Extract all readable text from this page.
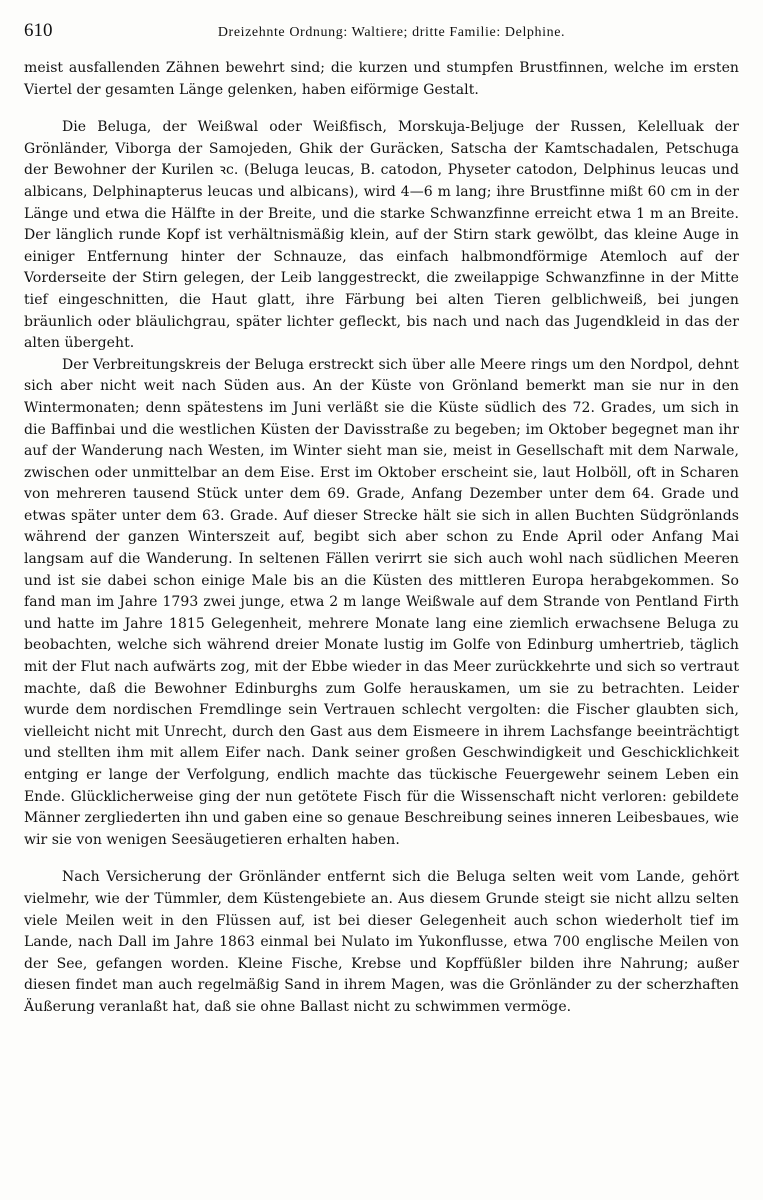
610	Dreizehnte Ordnung: Waltiere; dritte Familie: Delphine.

meist ausfallenden Zähnen bewehrt sind; die kurzen und stumpfen Brustfinnen, welche im ersten Viertel der gesamten Länge gelenken, haben eiförmige Gestalt.

Die Beluga, der Weißwal oder Weißfisch, Morskuja-Beljuge der Russen, Kelelluak der Grönländer, Viborga der Samojeden, Ghik der Guräcken, Satscha der Kamtschadalen, Petschuga der Bewohner der Kurilen ꝛc. (Beluga leucas, B. catodon, Physeter catodon, Delphinus leucas und albicans, Delphinapterus leucas und albicans), wird 4—6 m lang; ihre Brustfinne mißt 60 cm in der Länge und etwa die Hälfte in der Breite, und die starke Schwanzfinne erreicht etwa 1 m an Breite. Der länglich runde Kopf ist verhältnismäßig klein, auf der Stirn stark gewölbt, das kleine Auge in einiger Entfernung hinter der Schnauze, das einfach halbmondförmige Atemloch auf der Vorderseite der Stirn gelegen, der Leib langgestreckt, die zweilappige Schwanzfinne in der Mitte tief eingeschnitten, die Haut glatt, ihre Färbung bei alten Tieren gelblichweiß, bei jungen bräunlich oder bläulichgrau, später lichter gefleckt, bis nach und nach das Jugendkleid in das der alten übergeht.

Der Verbreitungskreis der Beluga erstreckt sich über alle Meere rings um den Nordpol, dehnt sich aber nicht weit nach Süden aus. An der Küste von Grönland bemerkt man sie nur in den Wintermonaten; denn spätestens im Juni verläßt sie die Küste südlich des 72. Grades, um sich in die Baffinbai und die westlichen Küsten der Davisstraße zu begeben; im Oktober begegnet man ihr auf der Wanderung nach Westen, im Winter sieht man sie, meist in Gesellschaft mit dem Narwale, zwischen oder unmittelbar an dem Eise. Erst im Oktober erscheint sie, laut Holböll, oft in Scharen von mehreren tausend Stück unter dem 69. Grade, Anfang Dezember unter dem 64. Grade und etwas später unter dem 63. Grade. Auf dieser Strecke hält sie sich in allen Buchten Südgrönlands während der ganzen Winterszeit auf, begibt sich aber schon zu Ende April oder Anfang Mai langsam auf die Wanderung. In seltenen Fällen verirrt sie sich auch wohl nach südlichen Meeren und ist sie dabei schon einige Male bis an die Küsten des mittleren Europa herabgekommen. So fand man im Jahre 1793 zwei junge, etwa 2 m lange Weißwale auf dem Strande von Pentland Firth und hatte im Jahre 1815 Gelegenheit, mehrere Monate lang eine ziemlich erwachsene Beluga zu beobachten, welche sich während dreier Monate lustig im Golfe von Edinburg umhertrieb, täglich mit der Flut nach aufwärts zog, mit der Ebbe wieder in das Meer zurückkehrte und sich so vertraut machte, daß die Bewohner Edinburghs zum Golfe herauskamen, um sie zu betrachten. Leider wurde dem nordischen Fremdlinge sein Vertrauen schlecht vergolten: die Fischer glaubten sich, vielleicht nicht mit Unrecht, durch den Gast aus dem Eismeere in ihrem Lachsfange beeinträchtigt und stellten ihm mit allem Eifer nach. Dank seiner großen Geschwindigkeit und Geschicklichkeit entging er lange der Verfolgung, endlich machte das tückische Feuergewehr seinem Leben ein Ende. Glücklicherweise ging der nun getötete Fisch für die Wissenschaft nicht verloren: gebildete Männer zergliederten ihn und gaben eine so genaue Beschreibung seines inneren Leibesbaues, wie wir sie von wenigen Seesäugetieren erhalten haben.

Nach Versicherung der Grönländer entfernt sich die Beluga selten weit vom Lande, gehört vielmehr, wie der Tümmler, dem Küstengebiete an. Aus diesem Grunde steigt sie nicht allzu selten viele Meilen weit in den Flüssen auf, ist bei dieser Gelegenheit auch schon wiederholt tief im Lande, nach Dall im Jahre 1863 einmal bei Nulato im Yukonflusse, etwa 700 englische Meilen von der See, gefangen worden. Kleine Fische, Krebse und Kopffüßler bilden ihre Nahrung; außer diesen findet man auch regelmäßig Sand in ihrem Magen, was die Grönländer zu der scherzhaften Äußerung veranlaßt hat, daß sie ohne Ballast nicht zu schwimmen vermöge.
